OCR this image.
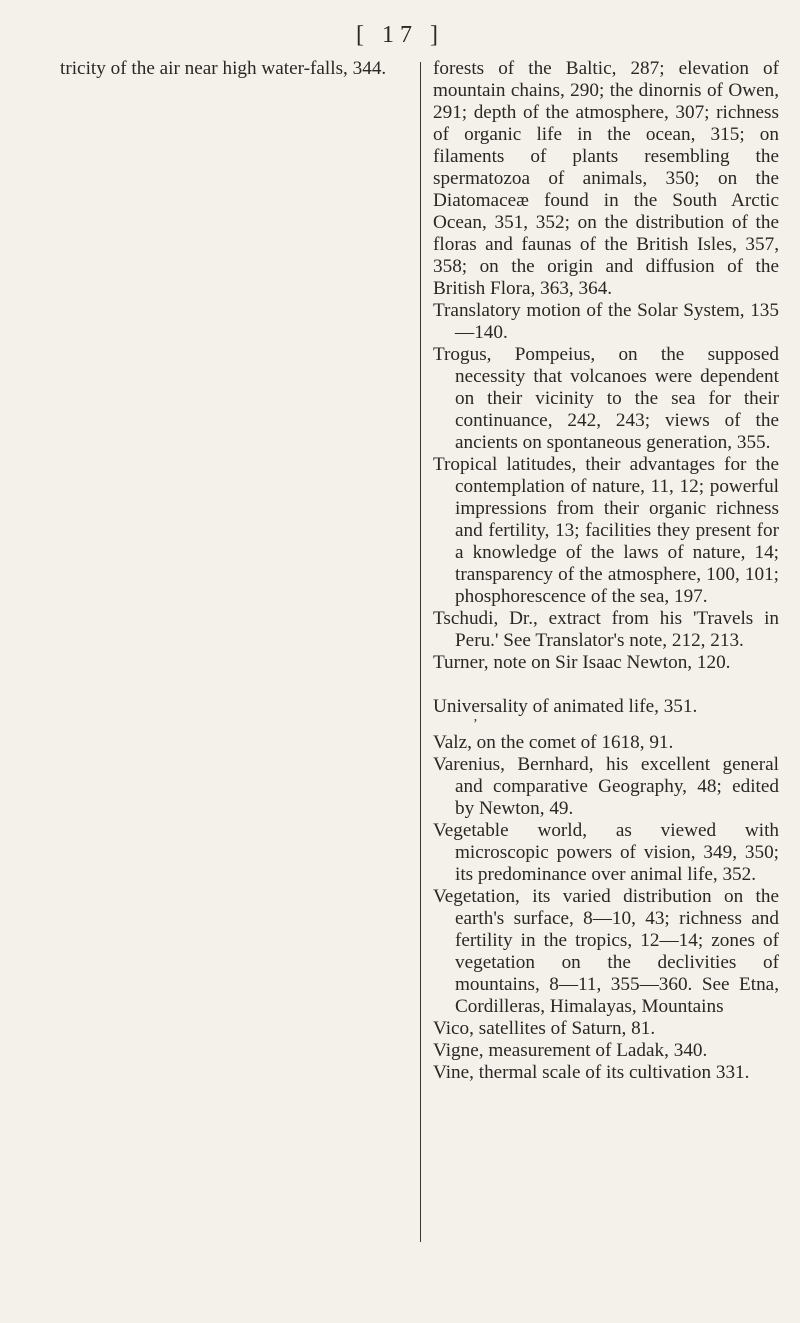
[ 17 ]

tricity of the air near high water-falls, 344.	forests of the Baltic, 287; elevation of mountain chains, 290; the dinornis of Owen, 291; depth of the atmosphere, 307; richness of organic life in the ocean, 315; on filaments of plants resembling the spermatozoa of animals, 350; on the Diatomaceæ found in the South Arctic Ocean, 351, 352; on the distribution of the floras and faunas of the British Isles, 357, 358; on the origin and diffusion of the British Flora, 363, 364.

Translatory motion of the Solar System, 135—140.

Trogus, Pompeius, on the supposed necessity that volcanoes were dependent on their vicinity to the sea for their continuance, 242, 243; views of the ancients on spontaneous generation, 355.

Tropical latitudes, their advantages for the contemplation of nature, 11, 12; powerful impressions from their organic richness and fertility, 13; facilities they present for a knowledge of the laws of nature, 14; transparency of the atmosphere, 100, 101; phosphorescence of the sea, 197.

Tschudi, Dr., extract from his 'Travels in Peru.' See Translator's note, 212, 213.

Turner, note on Sir Isaac Newton, 120.

Universality of animated life, 351.

ʼ

Valz, on the comet of 1618, 91.

Varenius, Bernhard, his excellent general and comparative Geography, 48; edited by Newton, 49.

Vegetable world, as viewed with microscopic powers of vision, 349, 350; its predominance over animal life, 352.

Vegetation, its varied distribution on the earth's surface, 8—10, 43; richness and fertility in the tropics, 12—14; zones of vegetation on the declivities of mountains, 8—11, 355—360. See Etna, Cordilleras, Himalayas, Mountains

Vico, satellites of Saturn, 81.

Vigne, measurement of Ladak, 340.

Vine, thermal scale of its cultivation 331.
